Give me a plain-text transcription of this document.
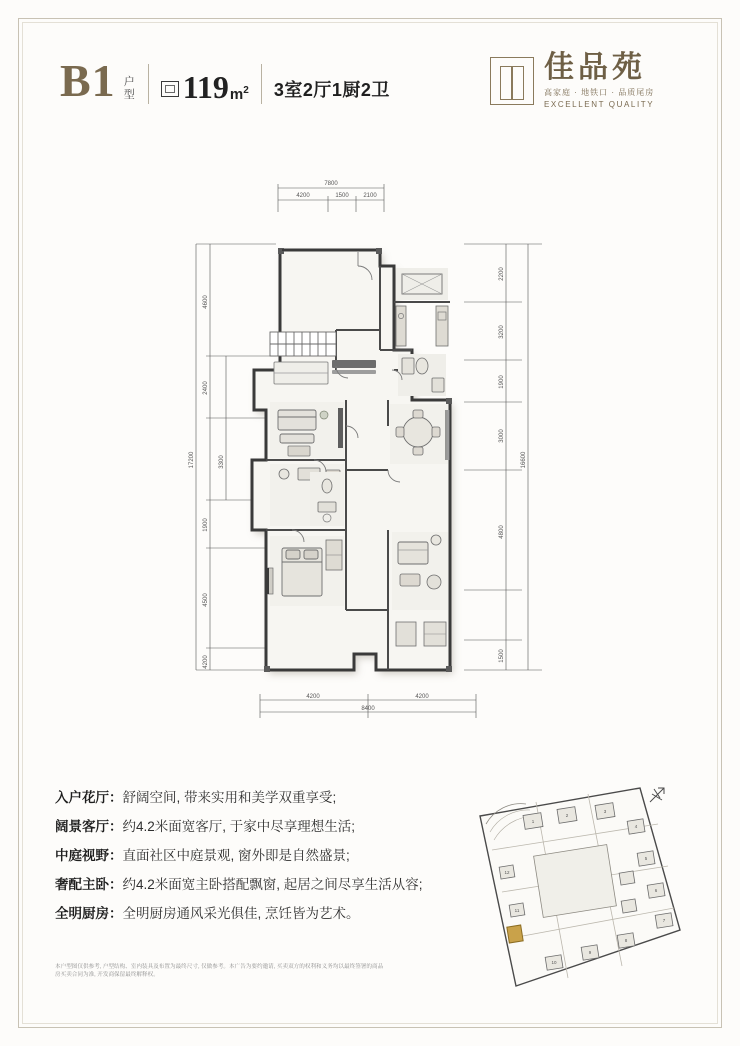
B1 户
型 119 $m^2$ 3室2厅1厨2卫
佳品苑
高家庭 · 地铁口 · 品质尾房
EXCELLENT QUALITY
7800
4200	1500 2100
4600
2400
3300
17200
1900
4500
4200
2200
3200
1900
3000
16600
4800
1500
4200	4200
8400
入户花厅：舒阔空间, 带来实用和美学双重享受;
阔景客厅：约4.2米面宽客厅, 于家中尽享理想生活;
中庭视野：直面社区中庭景观, 窗外即是自然盛景;
奢配主卧：约4.2米面宽主卧搭配飘窗, 起居之间尽享生活从容;
全明厨房：全明厨房通风采光俱佳, 烹饪皆为艺术。
本户型图仅供参考, 户型结构、室内装具及布置为最终尺寸, 仅做参考。本广告为要约邀请, 买卖双方的权利和义务均以最终签署的商品房买卖合同为准, 开发商保留最终解释权。
1
2
3
4
5
6
7
8
9
10
11
12
